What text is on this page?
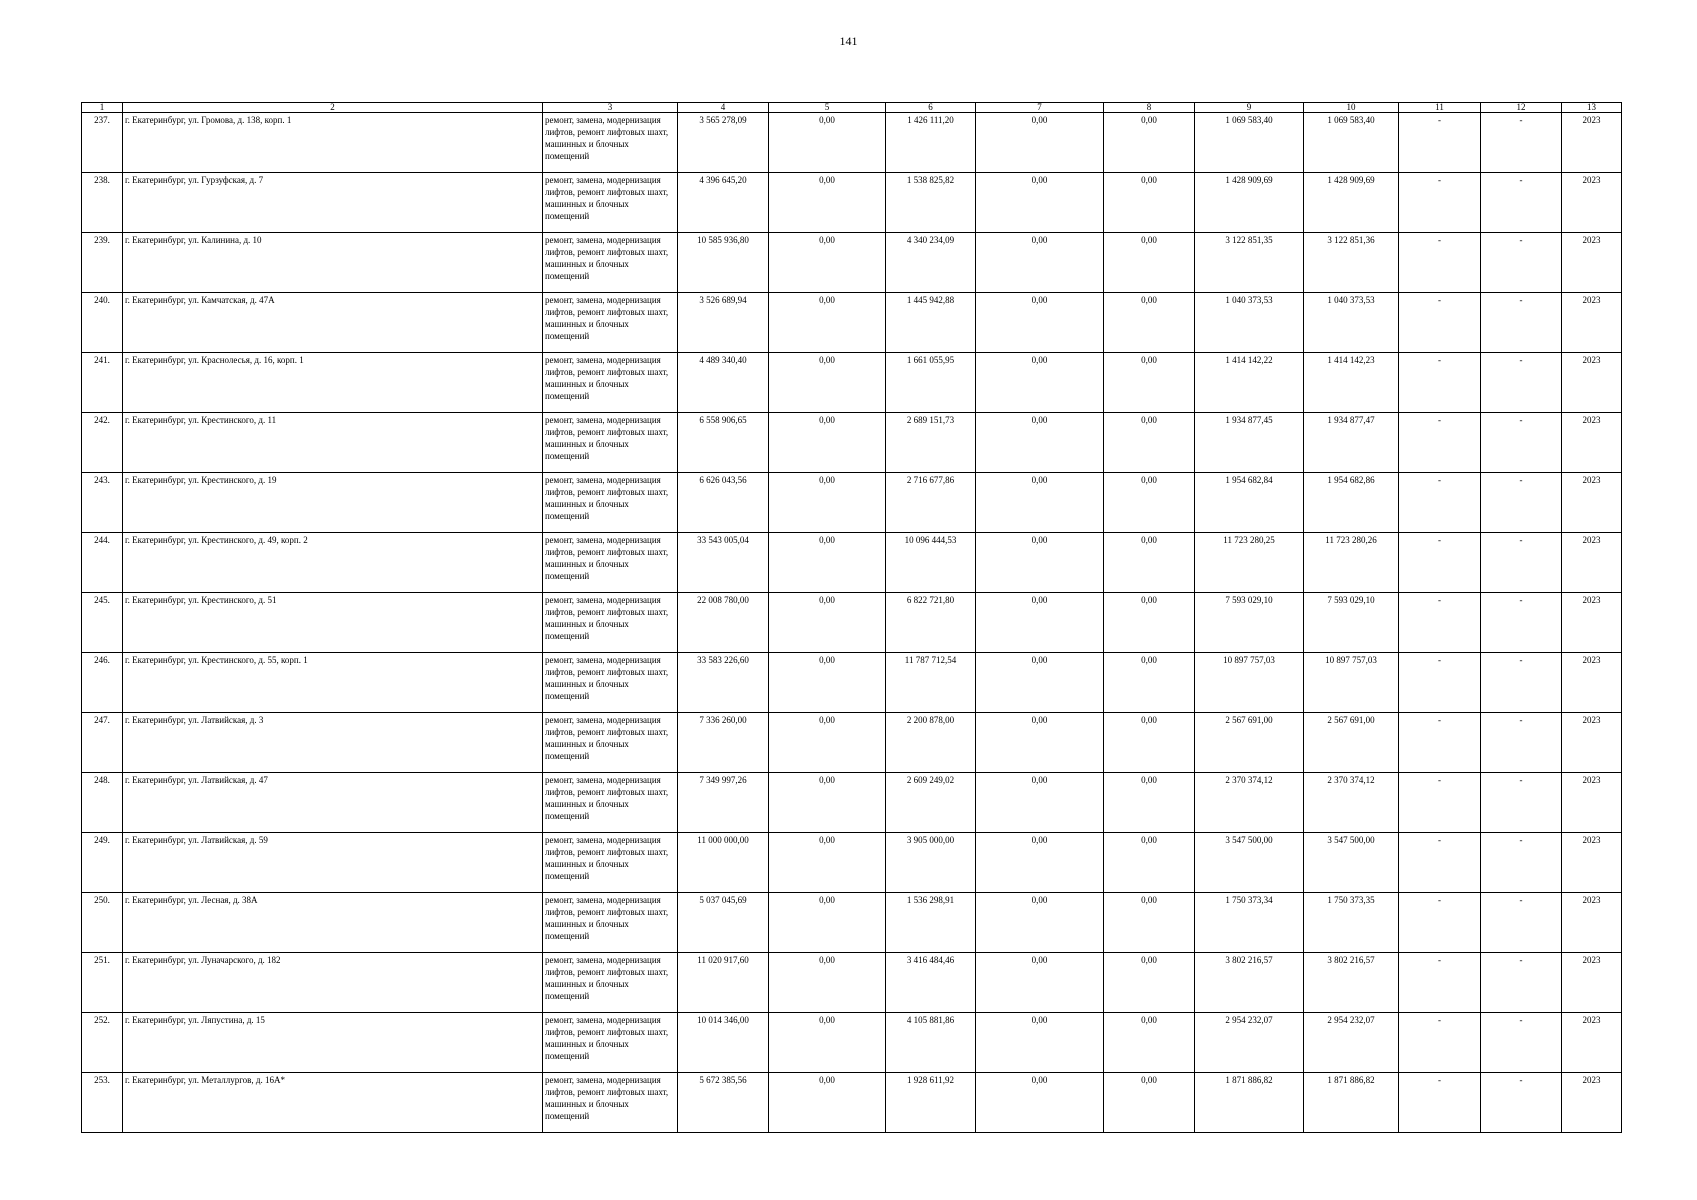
141
1	2	3	4	5	6	7	8	9	10	11	12	13
237.	г. Екатеринбург, ул. Громова, д. 138, корп. 1	ремонт, замена, модернизация лифтов, ремонт лифтовых шахт, машинных и блочных помещений	3 565 278,09	0,00	1 426 111,20	0,00	0,00	1 069 583,40	1 069 583,40	-	-	2023
238.	г. Екатеринбург, ул. Гурзуфская, д. 7	ремонт, замена, модернизация лифтов, ремонт лифтовых шахт, машинных и блочных помещений	4 396 645,20	0,00	1 538 825,82	0,00	0,00	1 428 909,69	1 428 909,69	-	-	2023
239.	г. Екатеринбург, ул. Калинина, д. 10	ремонт, замена, модернизация лифтов, ремонт лифтовых шахт, машинных и блочных помещений	10 585 936,80	0,00	4 340 234,09	0,00	0,00	3 122 851,35	3 122 851,36	-	-	2023
240.	г. Екатеринбург, ул. Камчатская, д. 47А	ремонт, замена, модернизация лифтов, ремонт лифтовых шахт, машинных и блочных помещений	3 526 689,94	0,00	1 445 942,88	0,00	0,00	1 040 373,53	1 040 373,53	-	-	2023
241.	г. Екатеринбург, ул. Краснолесья, д. 16, корп. 1	ремонт, замена, модернизация лифтов, ремонт лифтовых шахт, машинных и блочных помещений	4 489 340,40	0,00	1 661 055,95	0,00	0,00	1 414 142,22	1 414 142,23	-	-	2023
242.	г. Екатеринбург, ул. Крестинского, д. 11	ремонт, замена, модернизация лифтов, ремонт лифтовых шахт, машинных и блочных помещений	6 558 906,65	0,00	2 689 151,73	0,00	0,00	1 934 877,45	1 934 877,47	-	-	2023
243.	г. Екатеринбург, ул. Крестинского, д. 19	ремонт, замена, модернизация лифтов, ремонт лифтовых шахт, машинных и блочных помещений	6 626 043,56	0,00	2 716 677,86	0,00	0,00	1 954 682,84	1 954 682,86	-	-	2023
244.	г. Екатеринбург, ул. Крестинского, д. 49, корп. 2	ремонт, замена, модернизация лифтов, ремонт лифтовых шахт, машинных и блочных помещений	33 543 005,04	0,00	10 096 444,53	0,00	0,00	11 723 280,25	11 723 280,26	-	-	2023
245.	г. Екатеринбург, ул. Крестинского, д. 51	ремонт, замена, модернизация лифтов, ремонт лифтовых шахт, машинных и блочных помещений	22 008 780,00	0,00	6 822 721,80	0,00	0,00	7 593 029,10	7 593 029,10	-	-	2023
246.	г. Екатеринбург, ул. Крестинского, д. 55, корп. 1	ремонт, замена, модернизация лифтов, ремонт лифтовых шахт, машинных и блочных помещений	33 583 226,60	0,00	11 787 712,54	0,00	0,00	10 897 757,03	10 897 757,03	-	-	2023
247.	г. Екатеринбург, ул. Латвийская, д. 3	ремонт, замена, модернизация лифтов, ремонт лифтовых шахт, машинных и блочных помещений	7 336 260,00	0,00	2 200 878,00	0,00	0,00	2 567 691,00	2 567 691,00	-	-	2023
248.	г. Екатеринбург, ул. Латвийская, д. 47	ремонт, замена, модернизация лифтов, ремонт лифтовых шахт, машинных и блочных помещений	7 349 997,26	0,00	2 609 249,02	0,00	0,00	2 370 374,12	2 370 374,12	-	-	2023
249.	г. Екатеринбург, ул. Латвийская, д. 59	ремонт, замена, модернизация лифтов, ремонт лифтовых шахт, машинных и блочных помещений	11 000 000,00	0,00	3 905 000,00	0,00	0,00	3 547 500,00	3 547 500,00	-	-	2023
250.	г. Екатеринбург, ул. Лесная, д. 38А	ремонт, замена, модернизация лифтов, ремонт лифтовых шахт, машинных и блочных помещений	5 037 045,69	0,00	1 536 298,91	0,00	0,00	1 750 373,34	1 750 373,35	-	-	2023
251.	г. Екатеринбург, ул. Луначарского, д. 182	ремонт, замена, модернизация лифтов, ремонт лифтовых шахт, машинных и блочных помещений	11 020 917,60	0,00	3 416 484,46	0,00	0,00	3 802 216,57	3 802 216,57	-	-	2023
252.	г. Екатеринбург, ул. Ляпустина, д. 15	ремонт, замена, модернизация лифтов, ремонт лифтовых шахт, машинных и блочных помещений	10 014 346,00	0,00	4 105 881,86	0,00	0,00	2 954 232,07	2 954 232,07	-	-	2023
253.	г. Екатеринбург, ул. Металлургов, д. 16А*	ремонт, замена, модернизация лифтов, ремонт лифтовых шахт, машинных и блочных помещений	5 672 385,56	0,00	1 928 611,92	0,00	0,00	1 871 886,82	1 871 886,82	-	-	2023
